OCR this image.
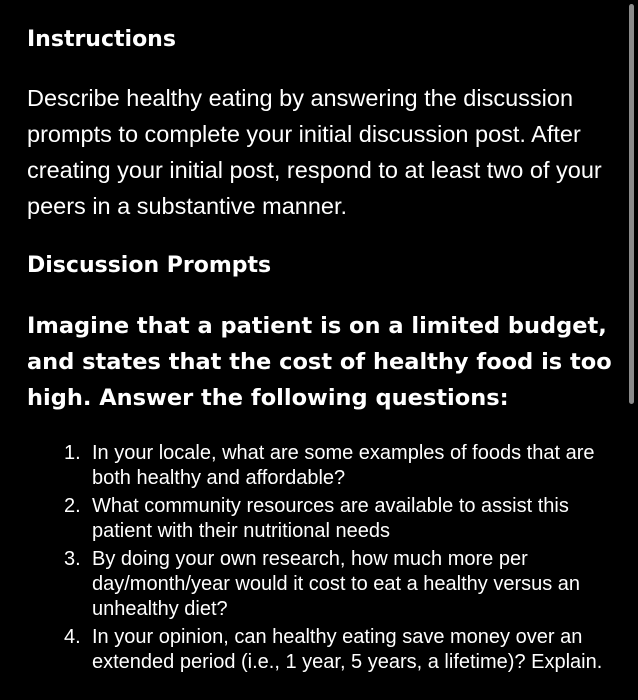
Instructions

Describe healthy eating by answering the discussion prompts to complete your initial discussion post. After creating your initial post, respond to at least two of your peers in a substantive manner.

Discussion Prompts

Imagine that a patient is on a limited budget, and states that the cost of healthy food is too high. Answer the following questions:

1. In your locale, what are some examples of foods that are both healthy and affordable?
2. What community resources are available to assist this patient with their nutritional needs
3. By doing your own research, how much more per day/month/year would it cost to eat a healthy versus an unhealthy diet?
4. In your opinion, can healthy eating save money over an extended period (i.e., 1 year, 5 years, a lifetime)? Explain.
